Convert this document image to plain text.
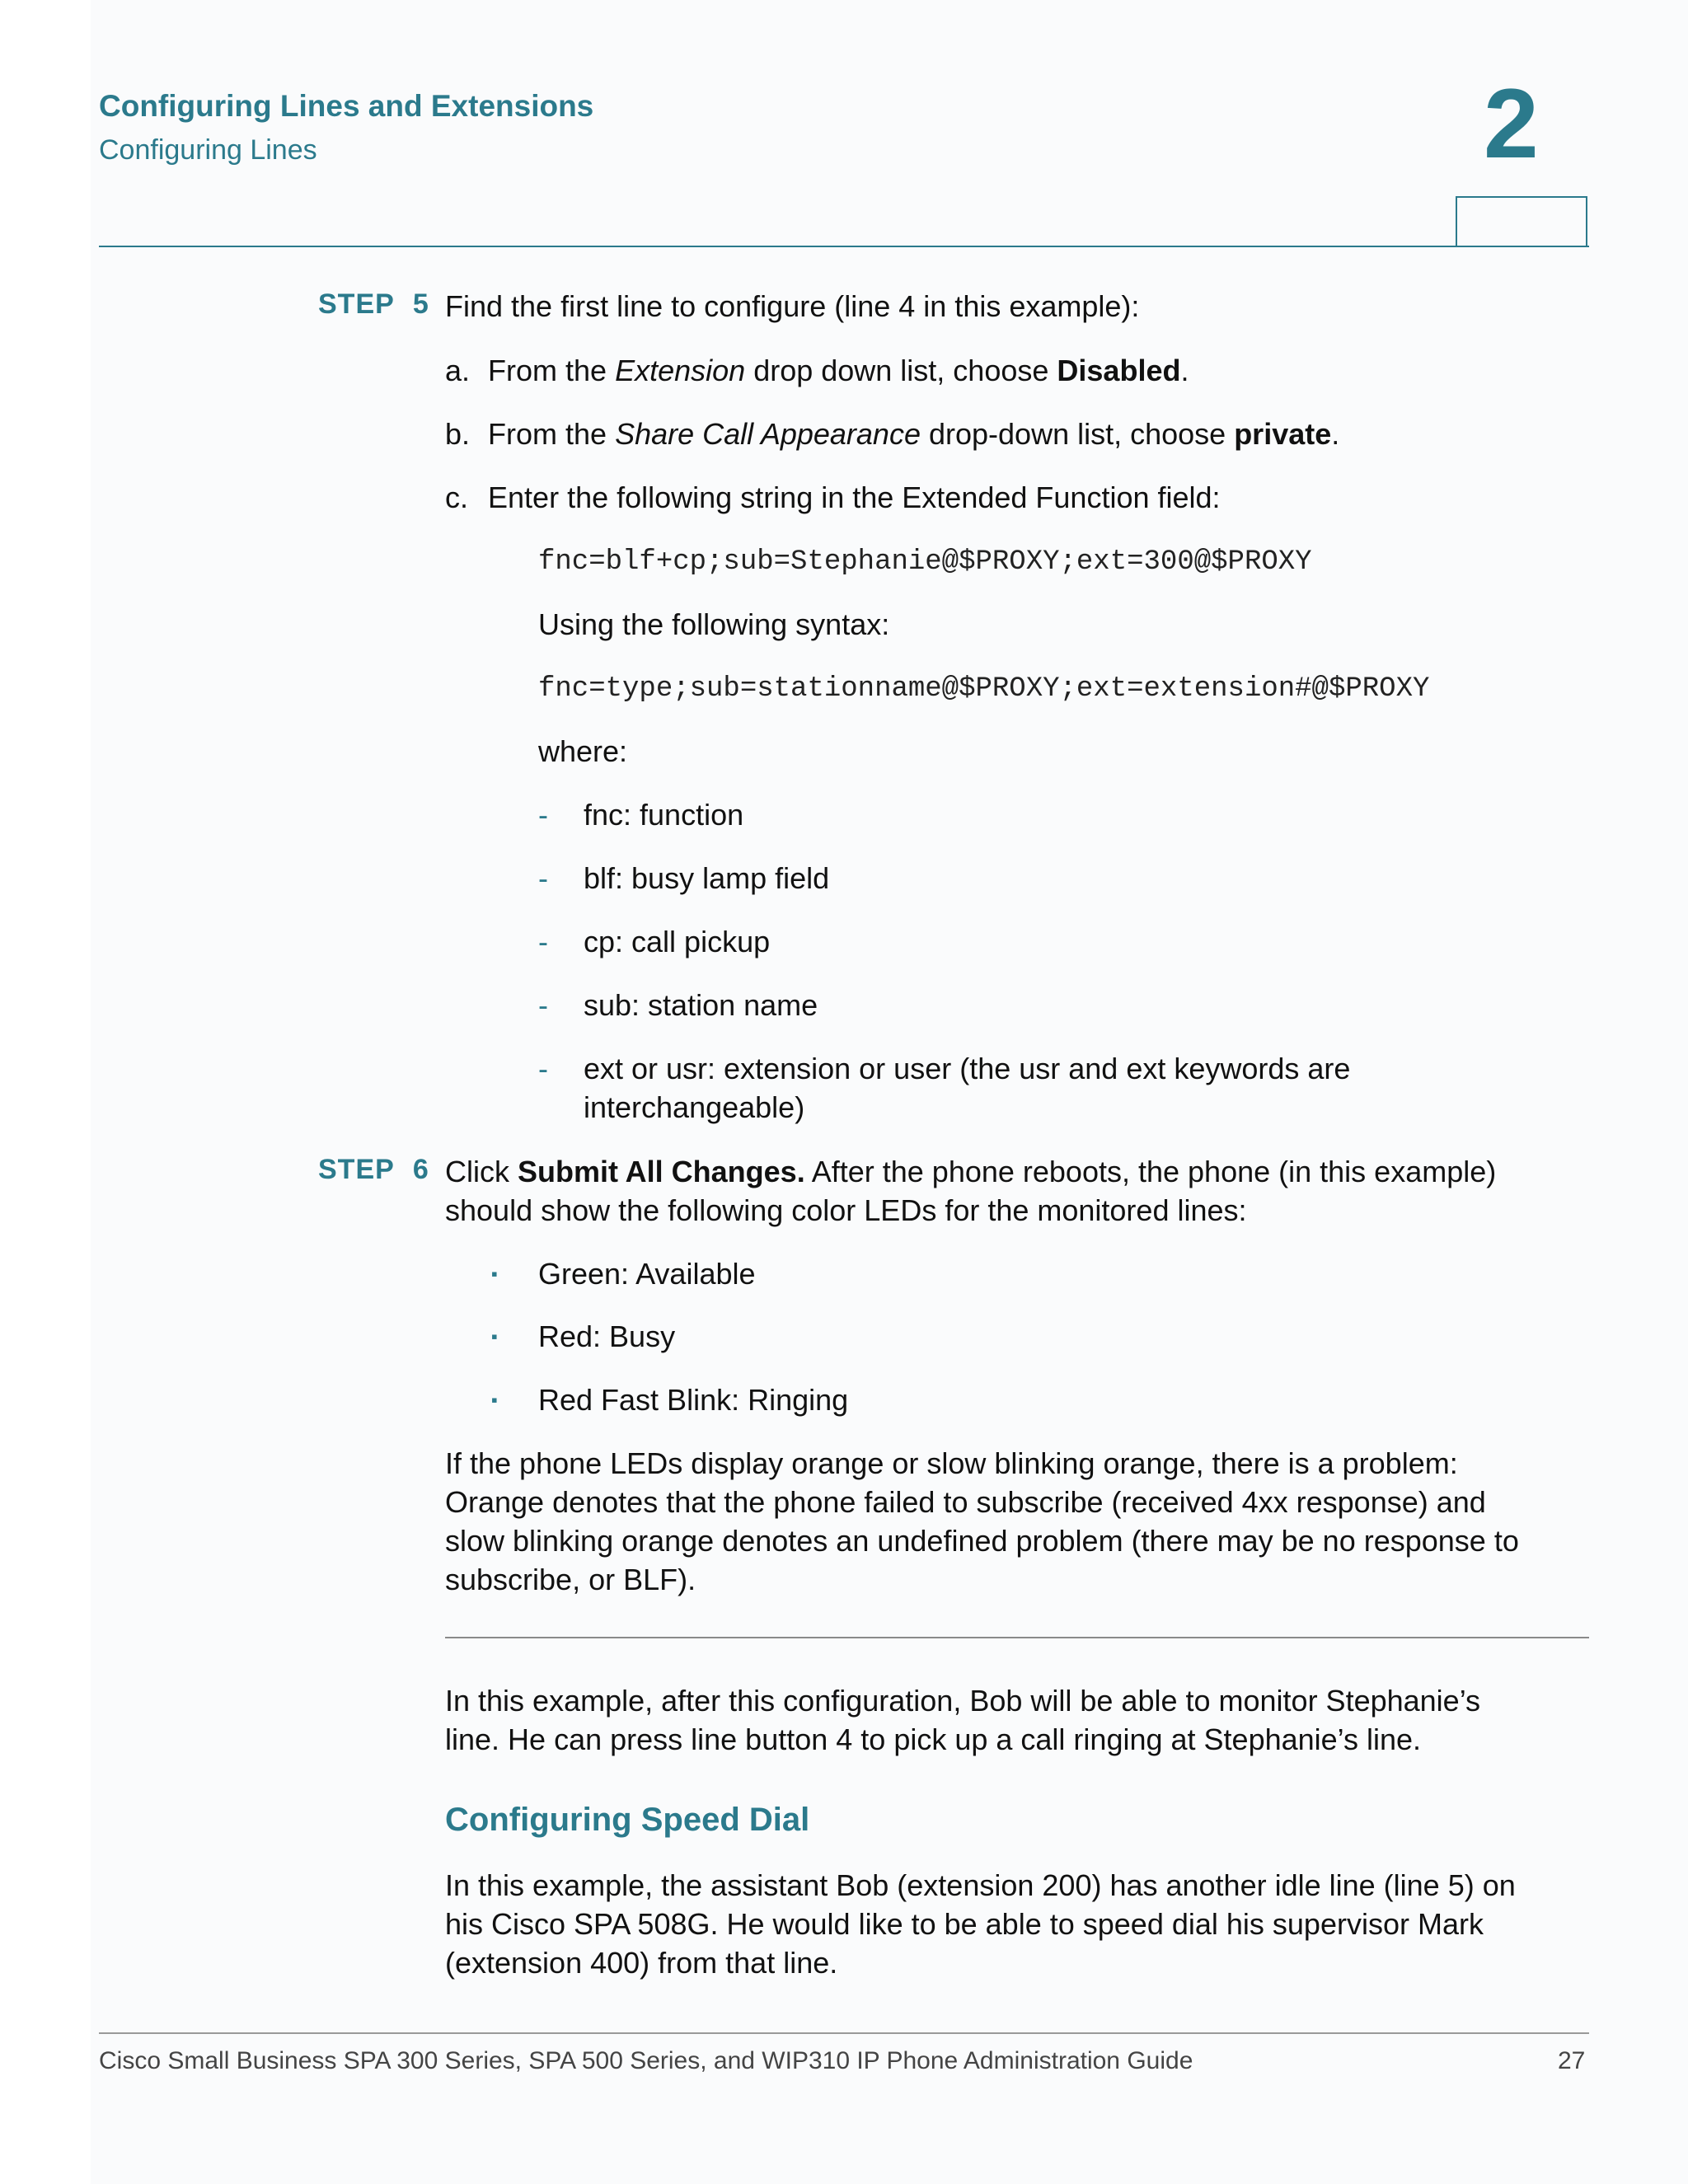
Configuring Lines and Extensions
Configuring Lines	2
STEP 5 Find the first line to configure (line 4 in this example):
a. From the Extension drop down list, choose Disabled.
b. From the Share Call Appearance drop-down list, choose private.
c. Enter the following string in the Extended Function field:
fnc=blf+cp;sub=Stephanie@$PROXY;ext=300@$PROXY
Using the following syntax:
fnc=type;sub=stationname@$PROXY;ext=extension#@$PROXY
where:
- fnc: function
- blf: busy lamp field
- cp: call pickup
- sub: station name
- ext or usr: extension or user (the usr and ext keywords are
interchangeable)
STEP 6 Click Submit All Changes. After the phone reboots, the phone (in this example)
should show the following color LEDs for the monitored lines:
▪ Green: Available
▪ Red: Busy
▪ Red Fast Blink: Ringing
If the phone LEDs display orange or slow blinking orange, there is a problem:
Orange denotes that the phone failed to subscribe (received 4xx response) and
slow blinking orange denotes an undefined problem (there may be no response to
subscribe, or BLF).
In this example, after this configuration, Bob will be able to monitor Stephanie’s
line. He can press line button 4 to pick up a call ringing at Stephanie’s line.
Configuring Speed Dial
In this example, the assistant Bob (extension 200) has another idle line (line 5) on
his Cisco SPA 508G. He would like to be able to speed dial his supervisor Mark
(extension 400) from that line.
Cisco Small Business SPA 300 Series, SPA 500 Series, and WIP310 IP Phone Administration Guide	27
